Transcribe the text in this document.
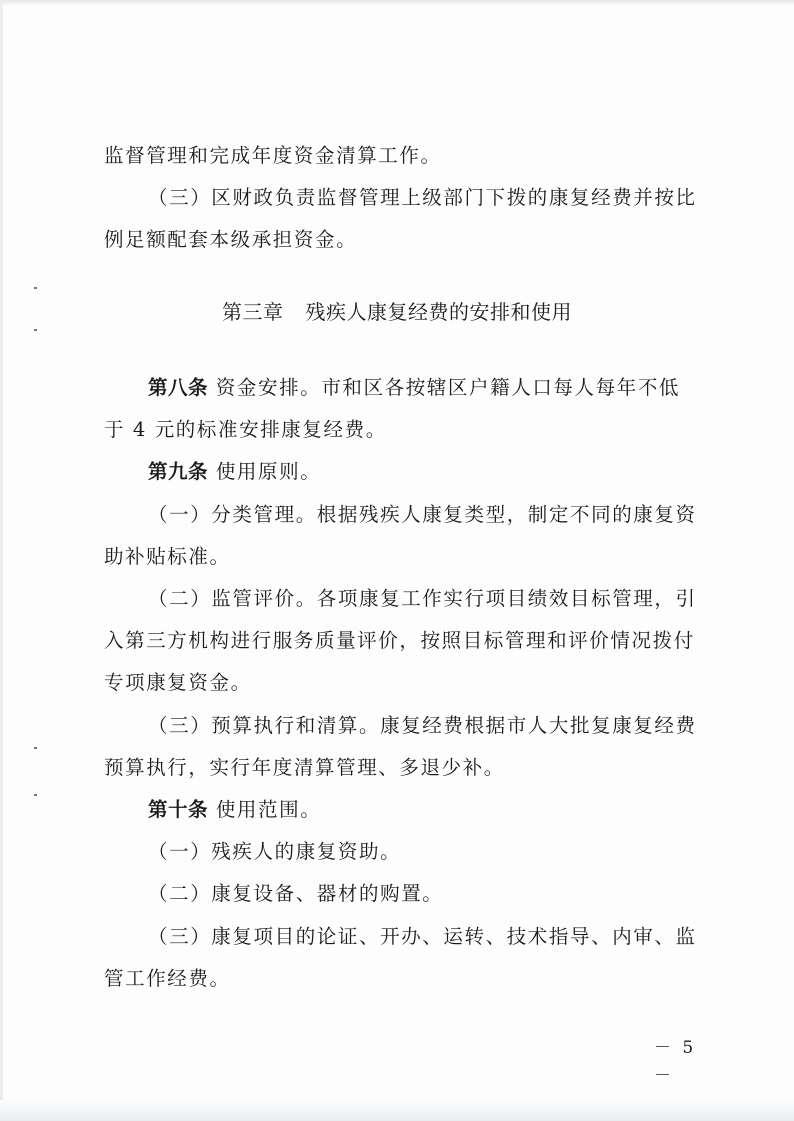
监督管理和完成年度资金清算工作。
（三）区财政负责监督管理上级部门下拨的康复经费并按比
例足额配套本级承担资金。
第三章 残疾人康复经费的安排和使用
第八条 资金安排。市和区各按辖区户籍人口每人每年不低
于 4 元的标准安排康复经费。
第九条 使用原则。
（一）分类管理。根据残疾人康复类型，制定不同的康复资
助补贴标准。
（二）监管评价。各项康复工作实行项目绩效目标管理，引
入第三方机构进行服务质量评价，按照目标管理和评价情况拨付
专项康复资金。
（三）预算执行和清算。康复经费根据市人大批复康复经费
预算执行，实行年度清算管理、多退少补。
第十条 使用范围。
（一）残疾人的康复资助。
（二）康复设备、器材的购置。
（三）康复项目的论证、开办、运转、技术指导、内审、监
管工作经费。
－ 5 －
